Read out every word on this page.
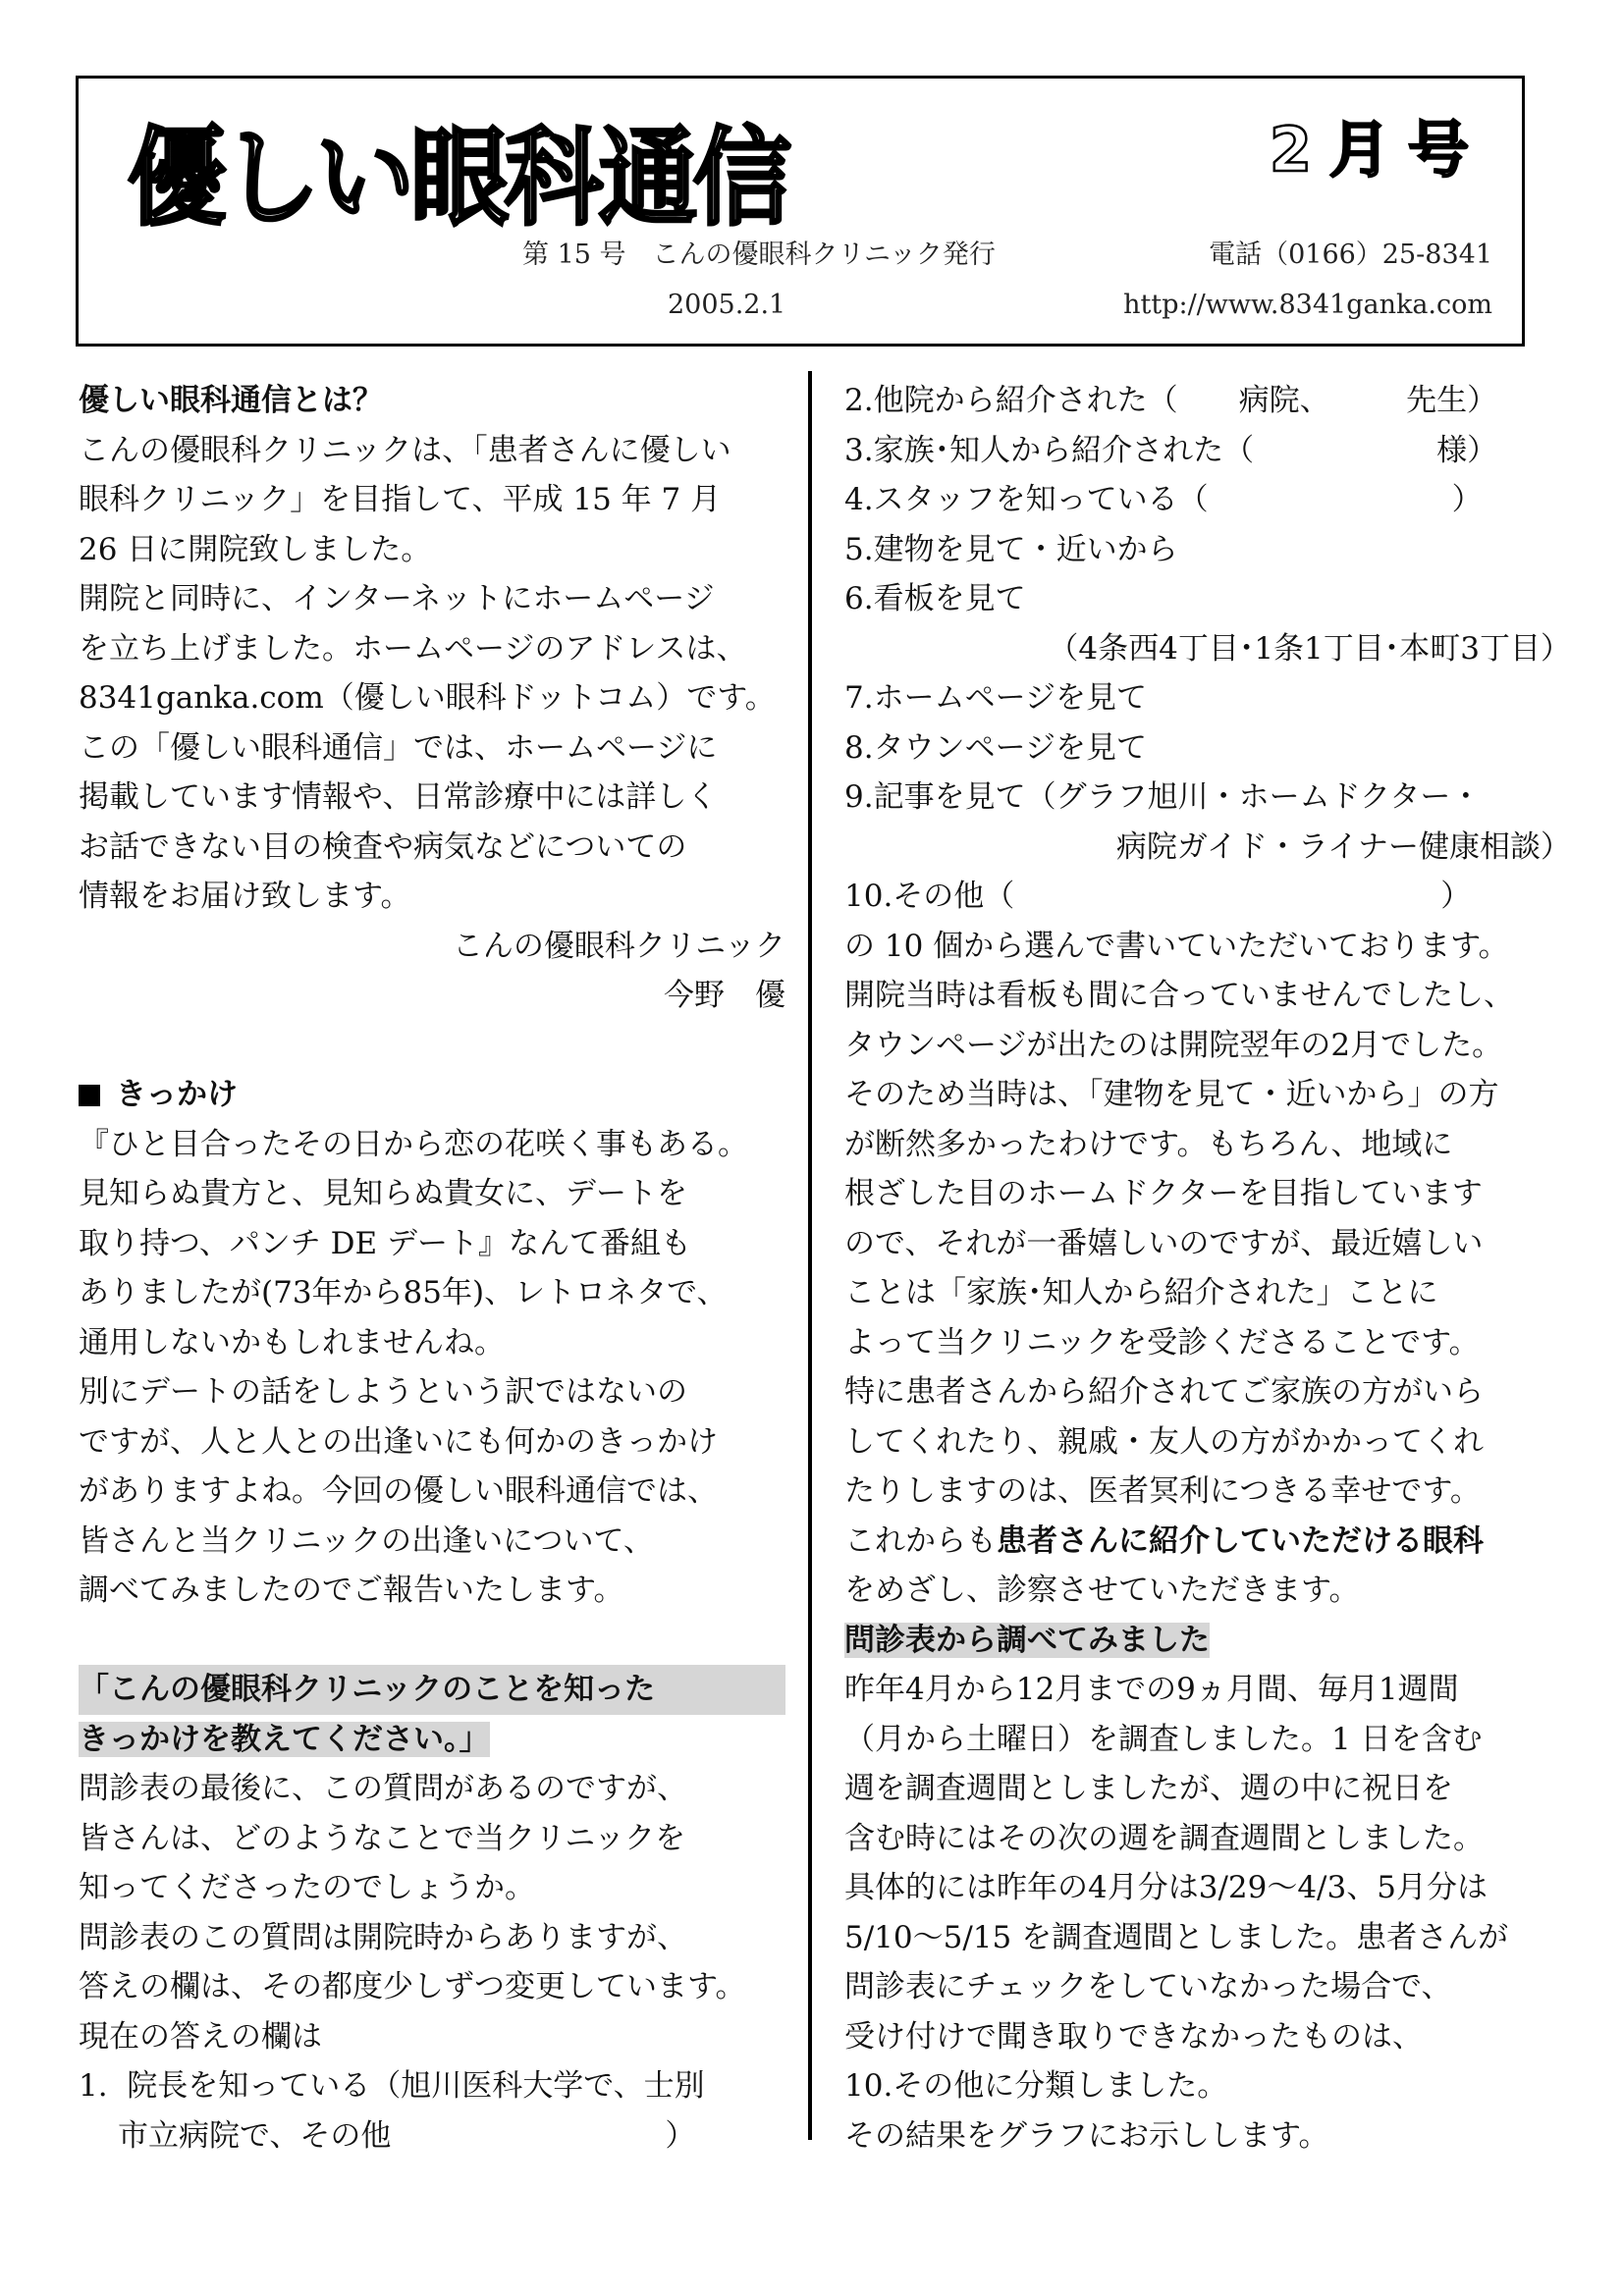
優しい眼科通信	2月号
第 15 号　こんの優眼科クリニック発行	電話（0166）25-8341
2005.2.1	http://www.8341ganka.com
優しい眼科通信とは？
こんの優眼科クリニックは、「患者さんに優しい
眼科クリニック」を目指して、平成 15 年 7 月
26 日に開院致しました。
開院と同時に、インターネットにホームページ
を立ち上げました。ホームページのアドレスは、
8341ganka.com（優しい眼科ドットコム）です。
この「優しい眼科通信」では、ホームページに
掲載しています情報や、日常診療中には詳しく
お話できない目の検査や病気などについての
情報をお届け致します。
こんの優眼科クリニック
今野　優
きっかけ
『ひと目合ったその日から恋の花咲く事もある。
見知らぬ貴方と、見知らぬ貴女に、デートを
取り持つ、パンチ DE デート』なんて番組も
ありましたが(73年から85年)、レトロネタで、
通用しないかもしれませんね。
別にデートの話をしようという訳ではないの
ですが、人と人との出逢いにも何かのきっかけ
がありますよね。今回の優しい眼科通信では、
皆さんと当クリニックの出逢いについて、
調べてみましたのでご報告いたします。
「こんの優眼科クリニックのことを知った
きっかけを教えてください。」
問診表の最後に、この質問があるのですが、
皆さんは、どのようなことで当クリニックを
知ってくださったのでしょうか。
問診表のこの質問は開院時からありますが、
答えの欄は、その都度少しずつ変更しています。
現在の答えの欄は
1.  院長を知っている（旭川医科大学で、士別
市立病院で、その他　　　　　　　　　）
2.他院から紹介された（　　病院、　　　先生）
3.家族･知人から紹介された（　　　　　　様）
4.スタッフを知っている（　　　　　　　　）
5.建物を見て・近いから
6.看板を見て
（4条西4丁目･1条1丁目･本町3丁目）
7.ホームページを見て
8.タウンページを見て
9.記事を見て（グラフ旭川・ホームドクター・
病院ガイド・ライナー健康相談）
10.その他（　　　　　　　　　　　　　　）
の 10 個から選んで書いていただいております。
開院当時は看板も間に合っていませんでしたし、
タウンページが出たのは開院翌年の2月でした。
そのため当時は、「建物を見て・近いから」の方
が断然多かったわけです。もちろん、地域に
根ざした目のホームドクターを目指しています
ので、それが一番嬉しいのですが、最近嬉しい
ことは「家族･知人から紹介された」ことに
よって当クリニックを受診くださることです。
特に患者さんから紹介されてご家族の方がいら
してくれたり、親戚・友人の方がかかってくれ
たりしますのは、医者冥利につきる幸せです。
これからも患者さんに紹介していただける眼科
をめざし、診察させていただきます。
問診表から調べてみました
昨年4月から12月までの9ヵ月間、毎月1週間
（月から土曜日）を調査しました。1 日を含む
週を調査週間としましたが、週の中に祝日を
含む時にはその次の週を調査週間としました。
具体的には昨年の4月分は3/29～4/3、5月分は
5/10～5/15 を調査週間としました。患者さんが
問診表にチェックをしていなかった場合で、
受け付けで聞き取りできなかったものは、
10.その他に分類しました。
その結果をグラフにお示しします。
